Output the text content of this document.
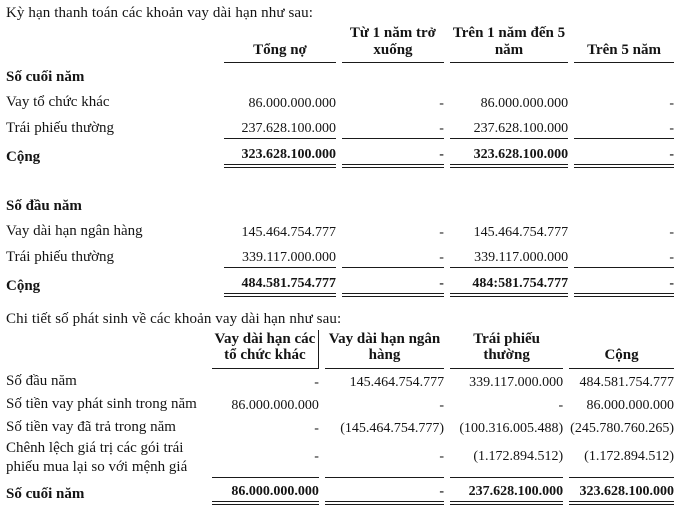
Kỳ hạn thanh toán các khoản vay dài hạn như sau:
	Tổng nợ	Từ 1 năm trở xuống	Trên 1 năm đến 5 năm	Trên 5 năm
Số cuối năm				
Vay tổ chức khác	86.000.000.000	-	86.000.000.000	-
Trái phiếu thường	237.628.100.000	-	237.628.100.000	-
Cộng	323.628.100.000	-	323.628.100.000	-

Số đầu năm				
Vay dài hạn ngân hàng	145.464.754.777	-	145.464.754.777	-
Trái phiếu thường	339.117.000.000	-	339.117.000.000	-
Cộng	484.581.754.777	-	484:581.754.777	-
Chi tiết số phát sinh về các khoản vay dài hạn như sau:
	Vay dài hạn các tổ chức khác	Vay dài hạn ngân hàng	Trái phiếu thường	Cộng
Số đầu năm	-	145.464.754.777	339.117.000.000	484.581.754.777
Số tiền vay phát sinh trong năm	86.000.000.000	-	-	86.000.000.000
Số tiền vay đã trả trong năm	-	(145.464.754.777)	(100.316.005.488)	(245.780.760.265)
Chênh lệch giá trị các gói trái phiếu mua lại so với mệnh giá	-	-	(1.172.894.512)	(1.172.894.512)
Số cuối năm	86.000.000.000	-	237.628.100.000	323.628.100.000
